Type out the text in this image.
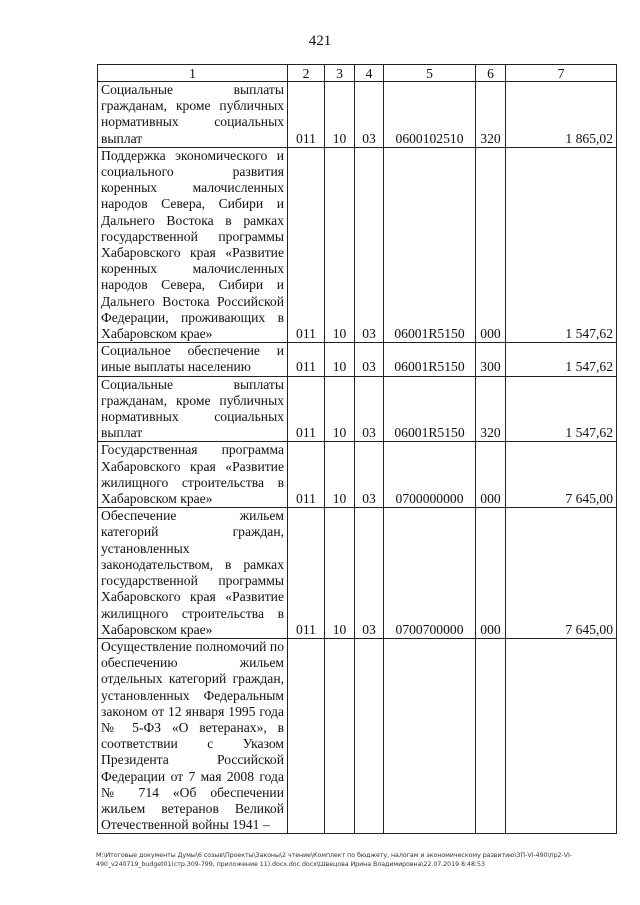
421
1	2	3	4	5	6	7
Социальные выплаты гражданам, кроме публичных нормативных социальных выплат	011	10	03	0600102510	320	1 865,02
Поддержка экономического и социального развития коренных малочисленных народов Севера, Сибири и Дальнего Востока в рамках государственной программы Хабаровского края «Развитие коренных малочисленных народов Севера, Сибири и Дальнего Востока Российской Федерации, проживающих в Хабаровском крае»	011	10	03	06001R5150	000	1 547,62
Социальное обеспечение и иные выплаты населению	011	10	03	06001R5150	300	1 547,62
Социальные выплаты гражданам, кроме публичных нормативных социальных выплат	011	10	03	06001R5150	320	1 547,62
Государственная программа Хабаровского края «Развитие жилищного строительства в Хабаровском крае»	011	10	03	0700000000	000	7 645,00
Обеспечение жильем категорий граждан, установленных законодательством, в рамках государственной программы Хабаровского края «Развитие жилищного строительства в Хабаровском крае»	011	10	03	0700700000	000	7 645,00
Осуществление полномочий по обеспечению жильем отдельных категорий граждан, установленных Федеральным законом от 12 января 1995 года № 5-ФЗ «О ветеранах», в соответствии с Указом Президента Российской Федерации от 7 мая 2008 года № 714 «Об обеспечении жильем ветеранов Великой Отечественной войны 1941 –						
M:\Итоговые документы Думы\6 созыв\Проекты\Законы\2 чтение\Комплект по бюджету, налогам и экономическому развитию\3П-VI-490\пр2-VI-490_v240719_budget01(стр.309-799, приложение 11).docx.doc.docx\Швецова Ирина Владимировна\22.07.2019 8:48:53
